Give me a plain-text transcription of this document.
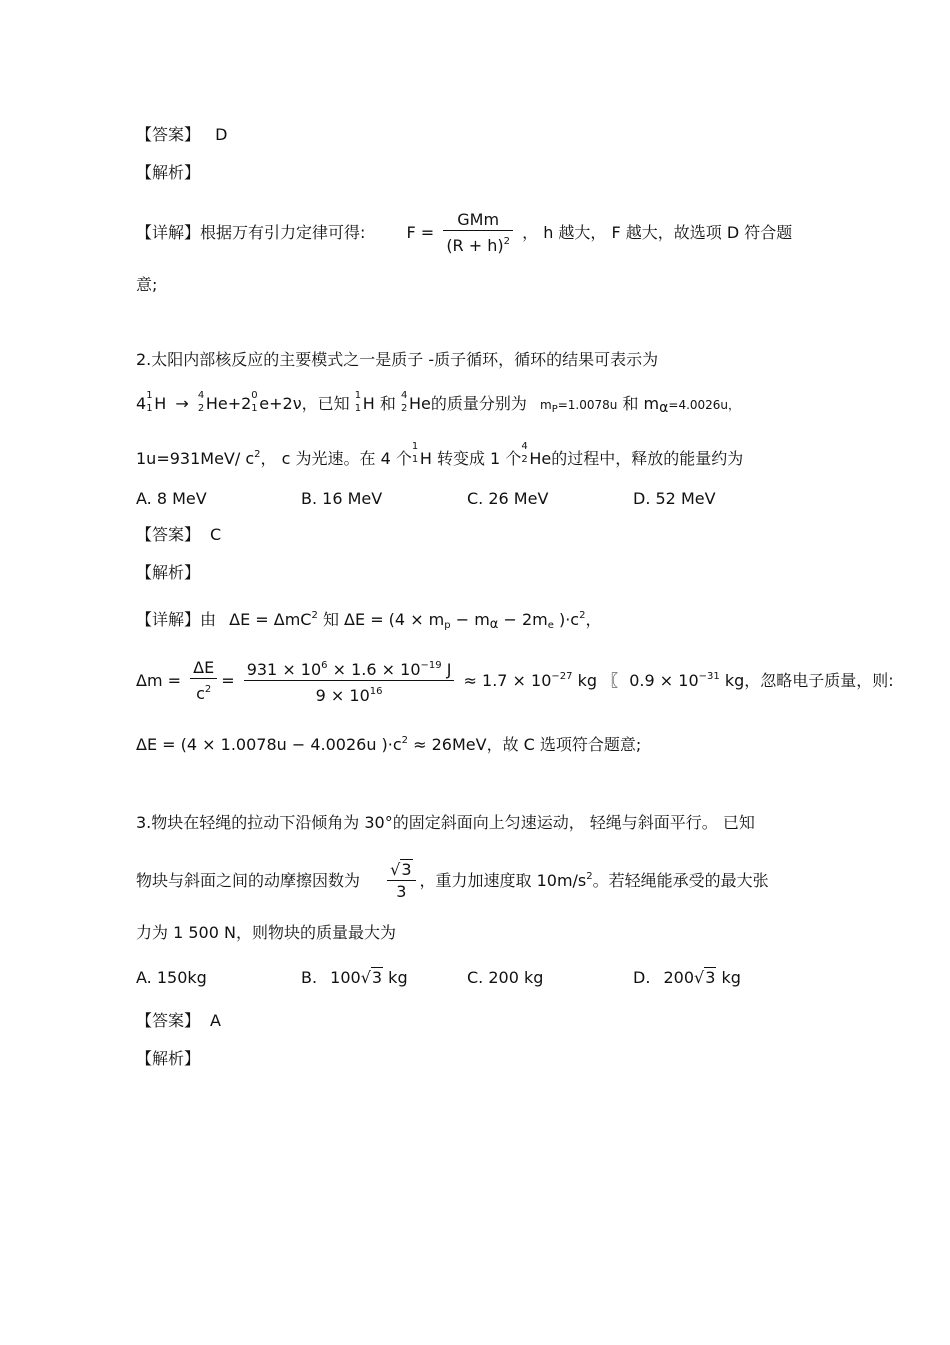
【答案】 D
【解析】
【详解】根据万有引力定律可得:	$F = \frac{\text{GMm}}{(R + h)^2}$ ， h 越大， F 越大，故选项 D 符合题
意;
2.太阳内部核反应的主要模式之一是质子 -质子循环，循环的结果可表示为
4 1
1 H → 4
2 He+2 0
1 e+2ν，已知 1
1 H 和 4
2 He的质量分别为 $m_P=1.0078u$ 和 $m_\alpha=4.0026u$，
1u=931MeV/ $c^2$， c 为光速。在 4 个
1
1 H 转变成 1 个
4
2 He的过程中，释放的能量约为
A. 8 MeV	B. 16 MeV	C. 26 MeV	D. 52 MeV
【答案】 C
【解析】
【详解】由 ΔE = ΔmC$^2$ 知 $\Delta E = (4 \times m_p - m_\alpha - 2m_e$ )$\cdot c^2$，
$\Delta m = \frac{\Delta E}{c^2} = \frac{931 \times 10^6 \times 1.6 \times 10^{-19} J}{9 \times 10^{16}} \approx 1.7 \times 10^{-27}$ kg 〖 $0.9 \times 10^{-31}$ kg，忽略电子质量，则:
ΔE = (4 × 1.0078u − 4.0026u )$\cdot c^2 \approx 26MeV$，故 C 选项符合题意;
3.物块在轻绳的拉动下沿倾角为 30°的固定斜面向上匀速运动， 轻绳与斜面平行。 已知
物块与斜面之间的动摩擦因数为 $\frac{√3}{3}$ ，重力加速度取 $10m/s^2$。若轻绳能承受的最大张
力为 1 500 N，则物块的质量最大为
A. 150kg	B. 100√3 kg	C. 200 kg	D. 200√3 kg
【答案】 A
【解析】
